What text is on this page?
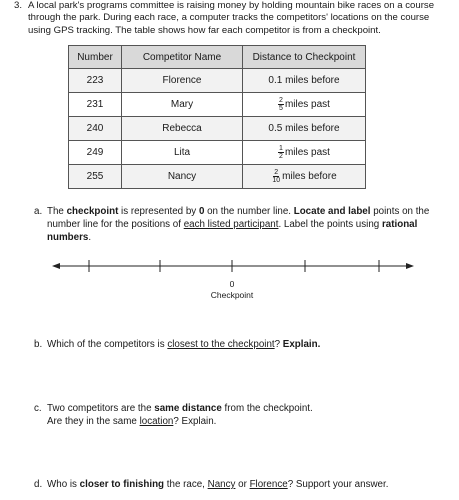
3. A local park's programs committee is raising money by holding mountain bike races on a course through the park. During each race, a computer tracks the competitors' locations on the course using GPS tracking. The table shows how far each competitor is from a checkpoint.
Number	Competitor Name	Distance to Checkpoint
223	Florence	0.1 miles before
231	Mary	$\frac{2}{5}$ miles past
240	Rebecca	0.5 miles before
249	Lita	$\frac{1}{2}$ miles past
255	Nancy	$\frac{2}{10}$ miles before
a. The checkpoint is represented by 0 on the number line. Locate and label points on the number line for the positions of each listed participant. Label the points using rational numbers.
0
Checkpoint
b. Which of the competitors is closest to the checkpoint? Explain.
c. Two competitors are the same distance from the checkpoint.
Are they in the same location? Explain.
d. Who is closer to finishing the race, Nancy or Florence? Support your answer.
